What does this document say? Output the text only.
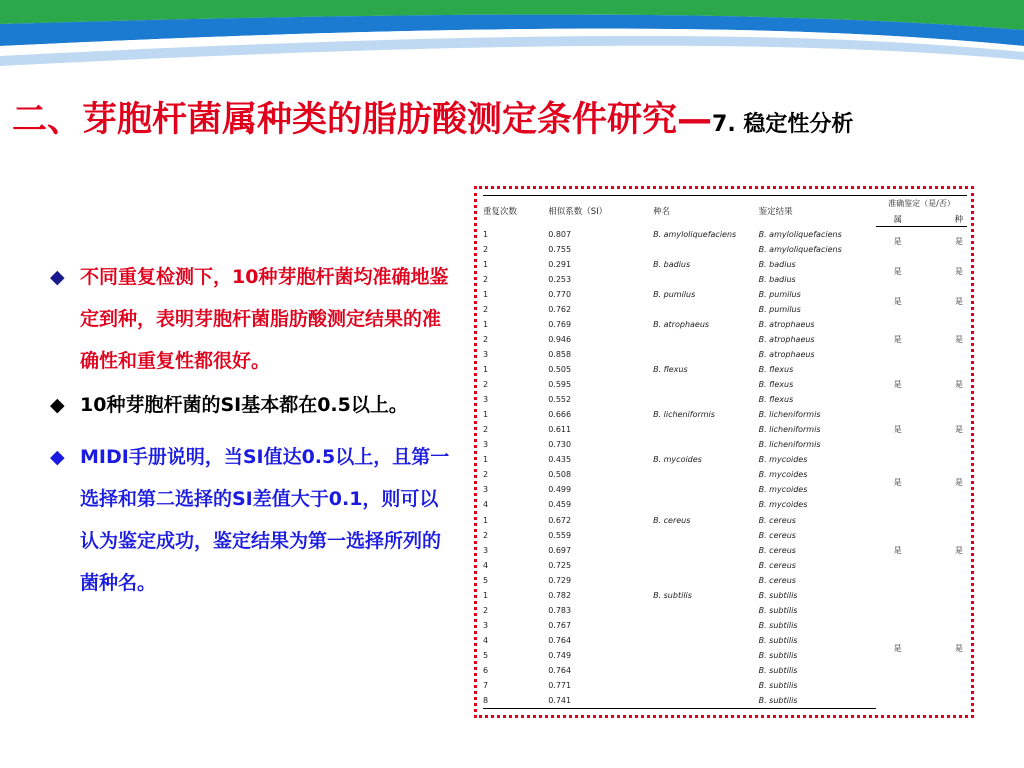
二、芽胞杆菌属种类的脂肪酸测定条件研究—7. 稳定性分析
◆ 不同重复检测下，10种芽胞杆菌均准确地鉴定到种，表明芽胞杆菌脂肪酸测定结果的准确性和重复性都很好。
◆ 10种芽胞杆菌的SI基本都在0.5以上。
◆ MIDI手册说明，当SI值达0.5以上，且第一选择和第二选择的SI差值大于0.1，则可以认为鉴定成功，鉴定结果为第一选择所列的菌种名。
重复次数	相似系数（SI）	种名	鉴定结果	准确鉴定（是/否）	
				属	种
1	0.807	B. amyloliquefaciens	B. amyloliquefaciens	是	是
2	0.755		B. amyloliquefaciens		
1	0.291	B. badius	B. badius	是	是
2	0.253		B. badius		
1	0.770	B. pumilus	B. pumilus	是	是
2	0.762		B. pumilus		
1	0.769	B. atrophaeus	B. atrophaeus	是	是
2	0.946		B. atrophaeus		
3	0.858		B. atrophaeus		
1	0.505	B. flexus	B. flexus	是	是
2	0.595		B. flexus		
3	0.552		B. flexus		
1	0.666	B. licheniformis	B. licheniformis	是	是
2	0.611		B. licheniformis		
3	0.730		B. licheniformis		
1	0.435	B. mycoides	B. mycoides	是	是
2	0.508		B. mycoides		
3	0.499		B. mycoides		
4	0.459		B. mycoides		
1	0.672	B. cereus	B. cereus	是	是
2	0.559		B. cereus		
3	0.697		B. cereus		
4	0.725		B. cereus		
5	0.729		B. cereus		
1	0.782	B. subtilis	B. subtilis	是	是
2	0.783		B. subtilis		
3	0.767		B. subtilis		
4	0.764		B. subtilis		
5	0.749		B. subtilis		
6	0.764		B. subtilis		
7	0.771		B. subtilis		
8	0.741		B. subtilis		
